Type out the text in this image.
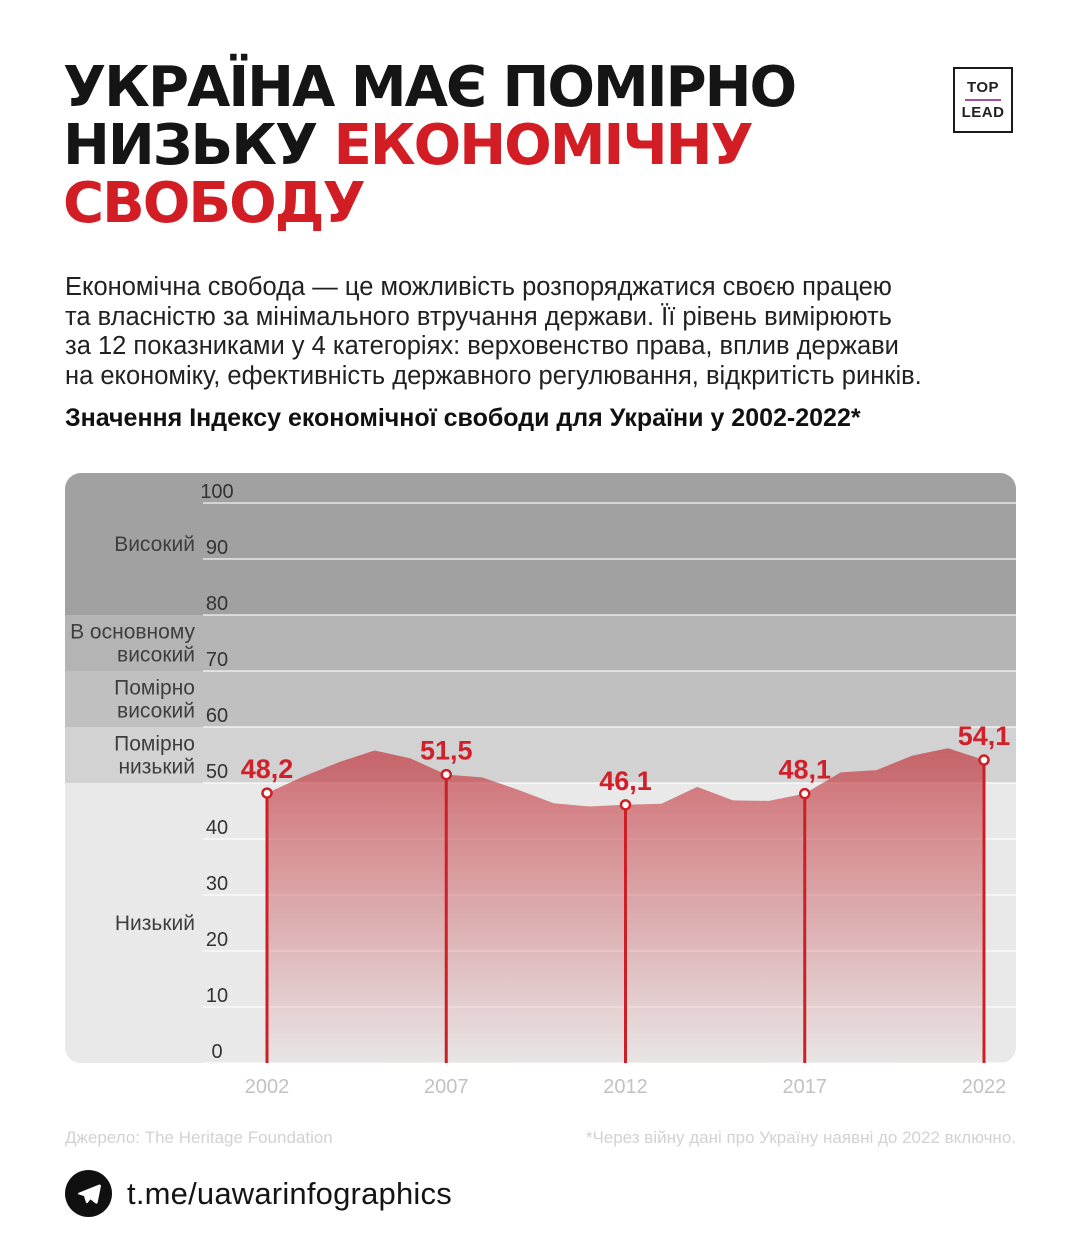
УКРАЇНА МАЄ ПОМІРНО
НИЗЬКУ ЕКОНОМІЧНУ
СВОБОДУ
TOP
LEAD
Економічна свобода — це можливість розпоряджатися своєю працею
та власністю за мінімального втручання держави. Її рівень вимірюють
за 12 показниками у 4 категоріях: верховенство права, вплив держави
на економіку, ефективність державного регулювання, відкритість ринків.
Значення Індексу економічної свободи для України у 2002-2022*
48,2
51,5
46,1	48,1
54,1
0
10
20
30
40
50
60
70
80
90
100
Високий
В основному
високий
Помірно
високий
Помірно
низький
Низький
2002	2007	2012	2017	2022
Джерело: The Heritage Foundation	*Через війну дані про Україну наявні до 2022 включно.
t.me/uawarinfographics
